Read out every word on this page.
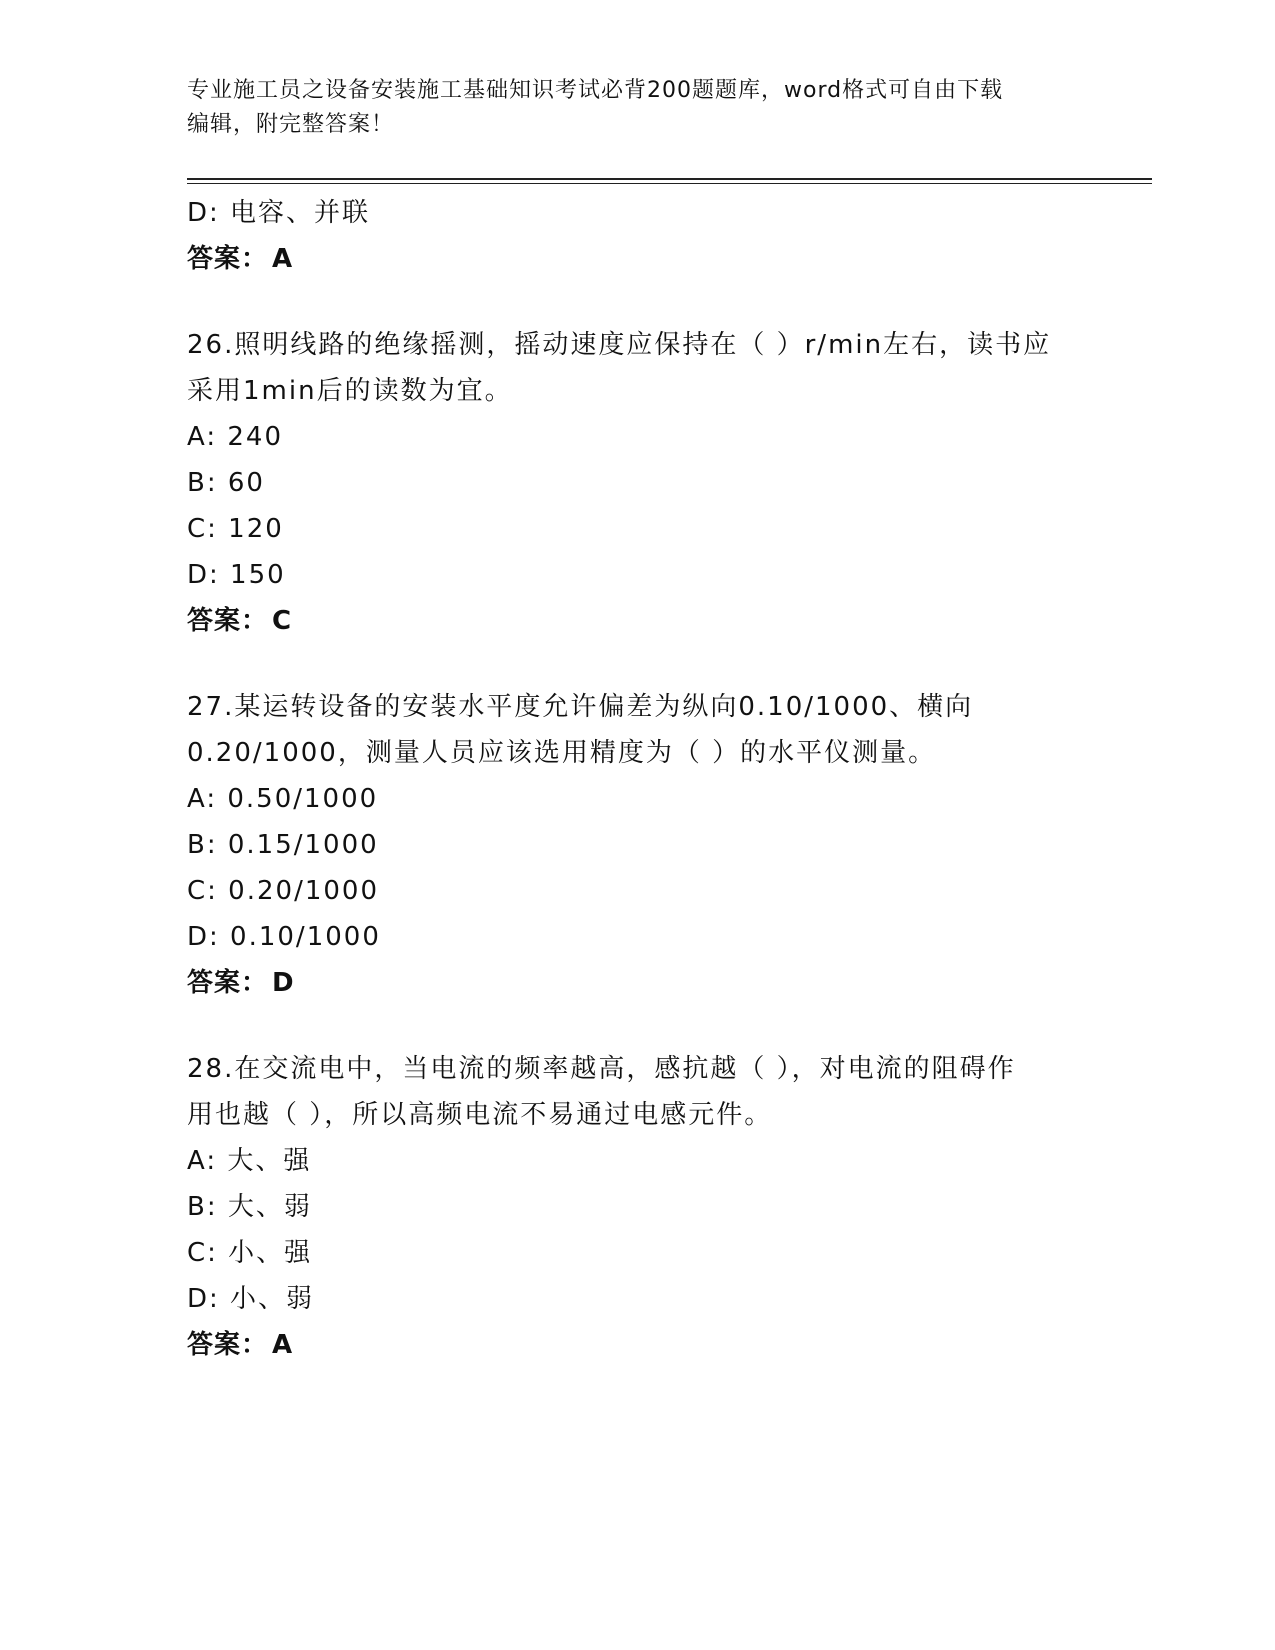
专业施工员之设备安装施工基础知识考试必背200题题库，word格式可自由下载
编辑，附完整答案！
D: 电容、并联
答案： A
26.照明线路的绝缘摇测，摇动速度应保持在（ ）r/min左右，读书应
采用1min后的读数为宜。
A: 240
B: 60
C: 120
D: 150
答案： C
27.某运转设备的安装水平度允许偏差为纵向0.10/1000、横向
0.20/1000，测量人员应该选用精度为（ ）的水平仪测量。
A: 0.50/1000
B: 0.15/1000
C: 0.20/1000
D: 0.10/1000
答案： D
28.在交流电中，当电流的频率越高，感抗越（ ），对电流的阻碍作
用也越（ ），所以高频电流不易通过电感元件。
A: 大、强
B: 大、弱
C: 小、强
D: 小、弱
答案： A
